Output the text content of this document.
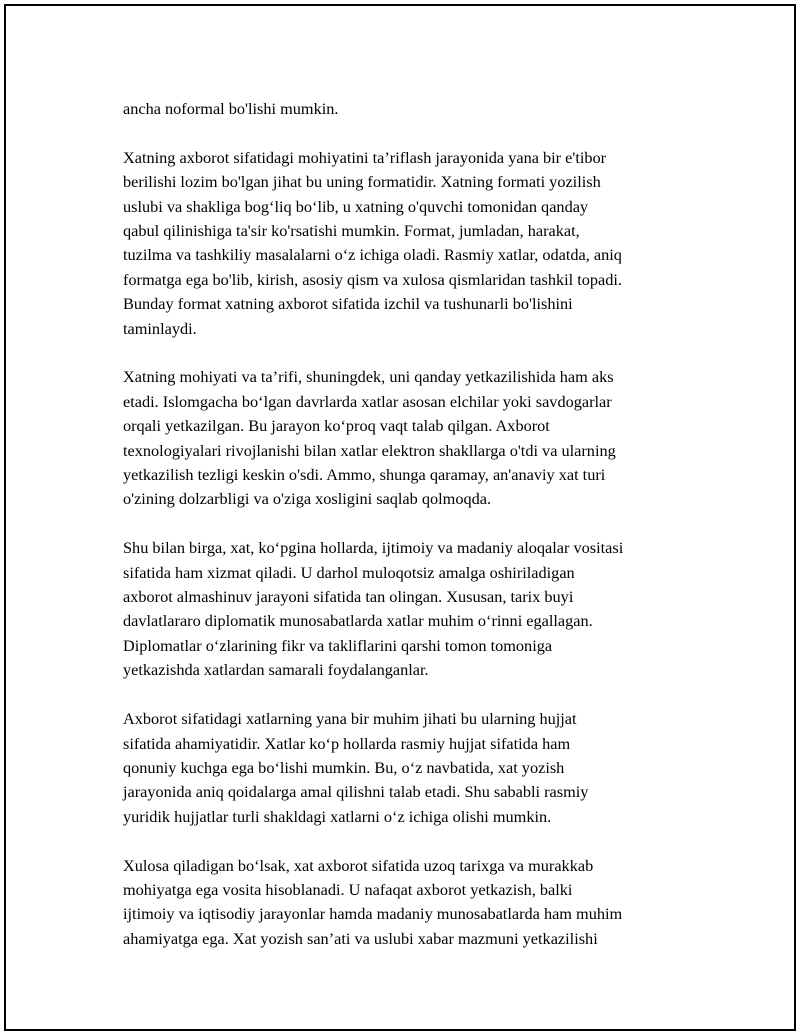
ancha noformal bo'lishi mumkin.

Xatning axborot sifatidagi mohiyatini ta’riflash jarayonida yana bir e'tibor
berilishi lozim bo'lgan jihat bu uning formatidir. Xatning formati yozilish
uslubi va shakliga bog‘liq bo‘lib, u xatning o'quvchi tomonidan qanday
qabul qilinishiga ta'sir ko'rsatishi mumkin. Format, jumladan, harakat,
tuzilma va tashkiliy masalalarni o‘z ichiga oladi. Rasmiy xatlar, odatda, aniq
formatga ega bo'lib, kirish, asosiy qism va xulosa qismlaridan tashkil topadi.
Bunday format xatning axborot sifatida izchil va tushunarli bo'lishini
taminlaydi.

Xatning mohiyati va ta’rifi, shuningdek, uni qanday yetkazilishida ham aks
etadi. Islomgacha bo‘lgan davrlarda xatlar asosan elchilar yoki savdogarlar
orqali yetkazilgan. Bu jarayon ko‘proq vaqt talab qilgan. Axborot
texnologiyalari rivojlanishi bilan xatlar elektron shakllarga o'tdi va ularning
yetkazilish tezligi keskin o'sdi. Ammo, shunga qaramay, an'anaviy xat turi
o'zining dolzarbligi va o'ziga xosligini saqlab qolmoqda.

Shu bilan birga, xat, ko‘pgina hollarda, ijtimoiy va madaniy aloqalar vositasi
sifatida ham xizmat qiladi. U darhol muloqotsiz amalga oshiriladigan
axborot almashinuv jarayoni sifatida tan olingan. Xususan, tarix buyi
davlatlararo diplomatik munosabatlarda xatlar muhim o‘rinni egallagan.
Diplomatlar o‘zlarining fikr va takliflarini qarshi tomon tomoniga
yetkazishda xatlardan samarali foydalanganlar.

Axborot sifatidagi xatlarning yana bir muhim jihati bu ularning hujjat
sifatida ahamiyatidir. Xatlar ko‘p hollarda rasmiy hujjat sifatida ham
qonuniy kuchga ega bo‘lishi mumkin. Bu, o‘z navbatida, xat yozish
jarayonida aniq qoidalarga amal qilishni talab etadi. Shu sababli rasmiy
yuridik hujjatlar turli shakldagi xatlarni o‘z ichiga olishi mumkin.

Xulosa qiladigan bo‘lsak, xat axborot sifatida uzoq tarixga va murakkab
mohiyatga ega vosita hisoblanadi. U nafaqat axborot yetkazish, balki
ijtimoiy va iqtisodiy jarayonlar hamda madaniy munosabatlarda ham muhim
ahamiyatga ega. Xat yozish san’ati va uslubi xabar mazmuni yetkazilishi
